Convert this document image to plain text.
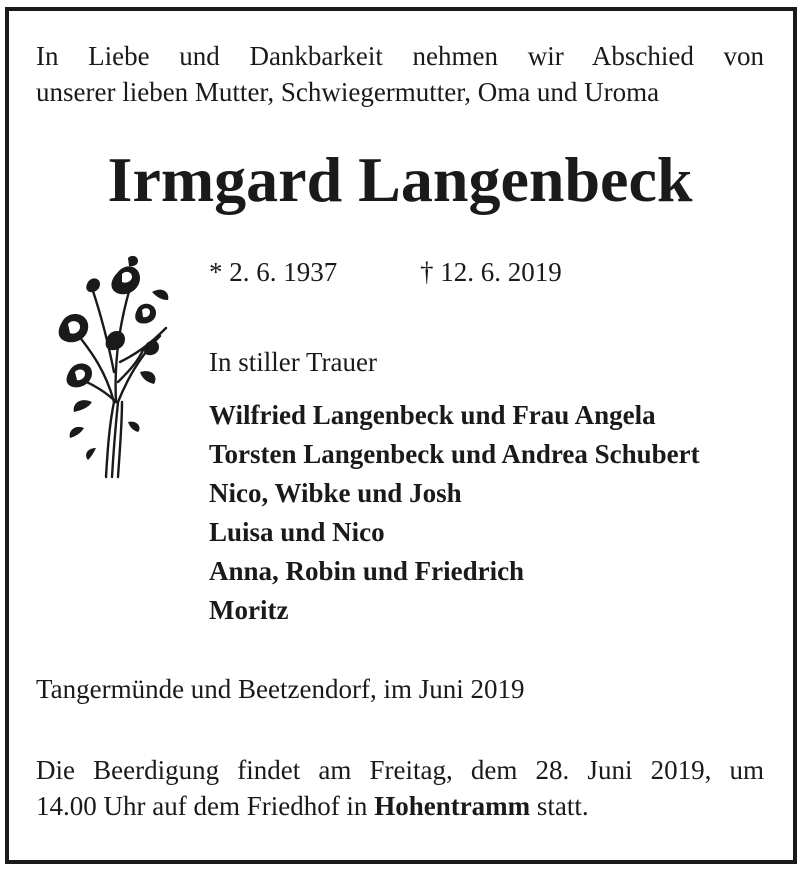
In Liebe und Dankbarkeit nehmen wir Abschied von
unserer lieben Mutter, Schwiegermutter, Oma und Uroma
Irmgard Langenbeck
* 2. 6. 1937	† 12. 6. 2019
In stiller Trauer
Wilfried Langenbeck und Frau Angela
Torsten Langenbeck und Andrea Schubert
Nico, Wibke und Josh
Luisa und Nico
Anna, Robin und Friedrich
Moritz
Tangermünde und Beetzendorf, im Juni 2019
Die Beerdigung findet am Freitag, dem 28. Juni 2019, um
14.00 Uhr auf dem Friedhof in Hohentramm statt.
